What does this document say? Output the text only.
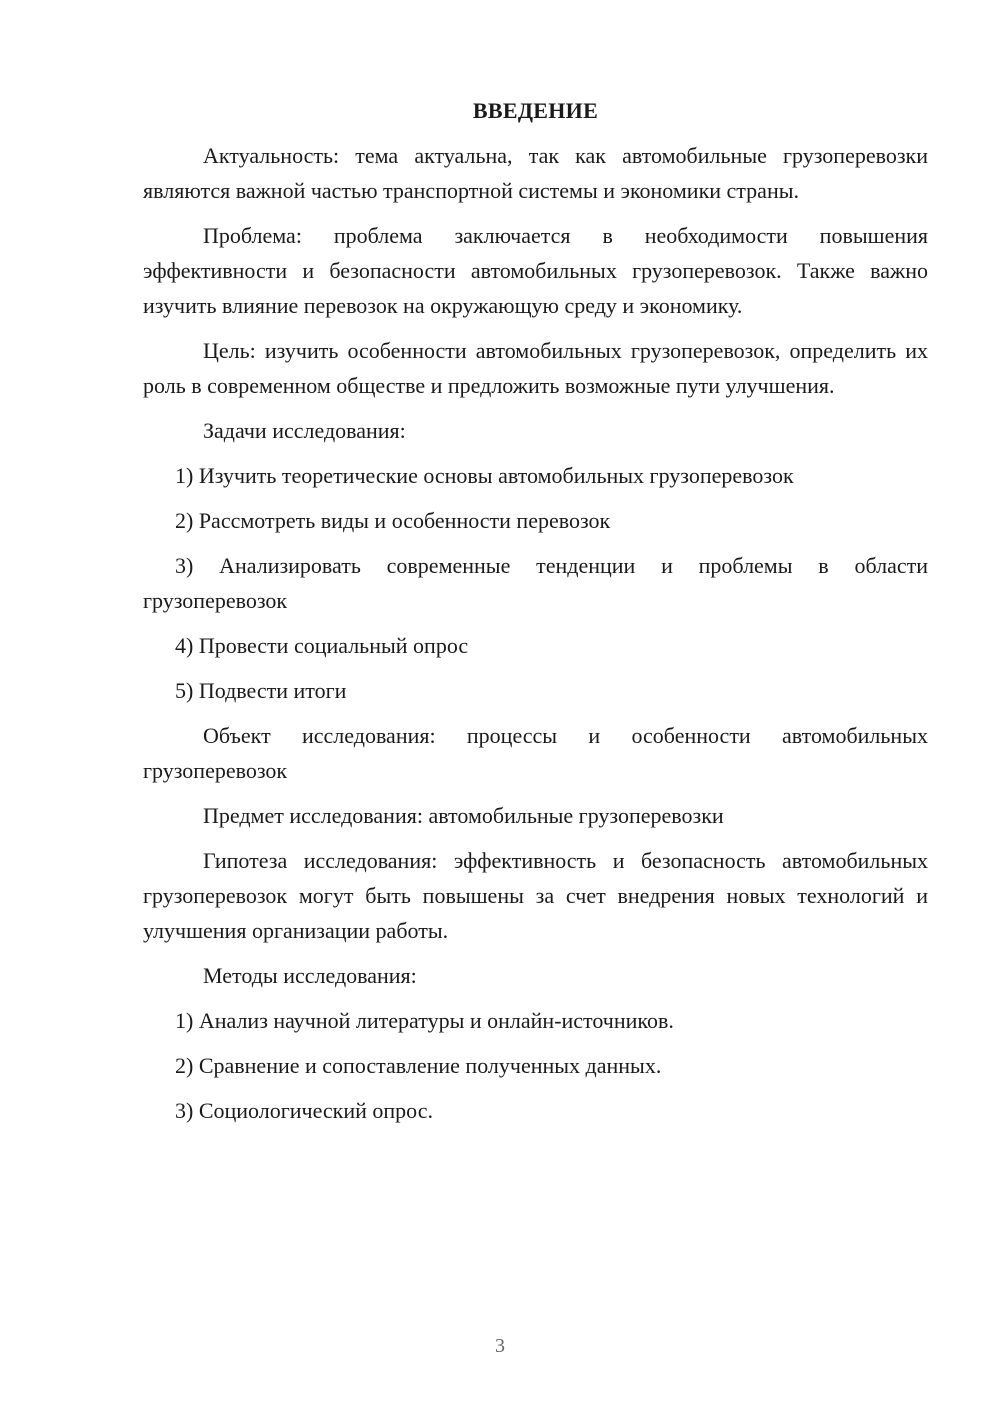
ВВЕДЕНИЕ

Актуальность: тема актуальна, так как автомобильные грузоперевозки являются важной частью транспортной системы и экономики страны.

Проблема: проблема заключается в необходимости повышения эффективности и безопасности автомобильных грузоперевозок. Также важно изучить влияние перевозок на окружающую среду и экономику.

Цель: изучить особенности автомобильных грузоперевозок, определить их роль в современном обществе и предложить возможные пути улучшения.

Задачи исследования:

1) Изучить теоретические основы автомобильных грузоперевозок

2) Рассмотреть виды и особенности перевозок

3) Анализировать современные тенденции и проблемы в области грузоперевозок

4) Провести социальный опрос

5) Подвести итоги

Объект исследования: процессы и особенности автомобильных грузоперевозок

Предмет исследования: автомобильные грузоперевозки

Гипотеза исследования: эффективность и безопасность автомобильных грузоперевозок могут быть повышены за счет внедрения новых технологий и улучшения организации работы.

Методы исследования:

1) Анализ научной литературы и онлайн-источников.

2) Сравнение и сопоставление полученных данных.

3) Социологический опрос.

3
